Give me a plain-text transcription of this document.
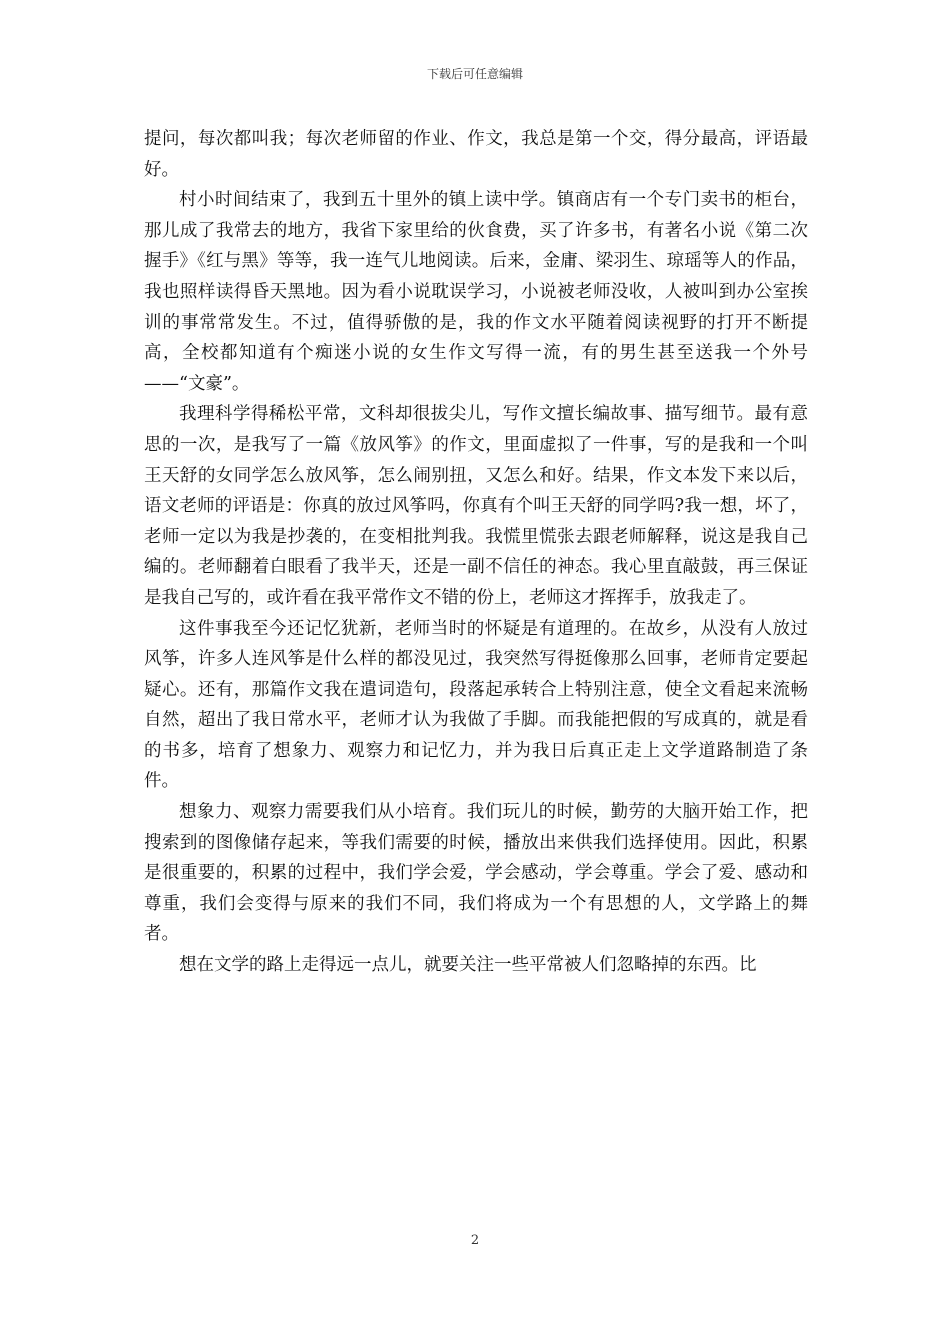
下载后可任意编辑

提问，每次都叫我；每次老师留的作业、作文，我总是第一个交，得分最高，评语最好。

村小时间结束了，我到五十里外的镇上读中学。镇商店有一个专门卖书的柜台，那儿成了我常去的地方，我省下家里给的伙食费，买了许多书，有著名小说《第二次握手》《红与黑》等等，我一连气儿地阅读。后来，金庸、梁羽生、琼瑶等人的作品，我也照样读得昏天黑地。因为看小说耽误学习，小说被老师没收，人被叫到办公室挨训的事常常发生。不过，值得骄傲的是，我的作文水平随着阅读视野的打开不断提高，全校都知道有个痴迷小说的女生作文写得一流，有的男生甚至送我一个外号——“文豪”。

我理科学得稀松平常，文科却很拔尖儿，写作文擅长编故事、描写细节。最有意思的一次，是我写了一篇《放风筝》的作文，里面虚拟了一件事，写的是我和一个叫王天舒的女同学怎么放风筝，怎么闹别扭，又怎么和好。结果，作文本发下来以后，语文老师的评语是：你真的放过风筝吗，你真有个叫王天舒的同学吗?我一想，坏了，老师一定以为我是抄袭的，在变相批判我。我慌里慌张去跟老师解释，说这是我自己编的。老师翻着白眼看了我半天，还是一副不信任的神态。我心里直敲鼓，再三保证是我自己写的，或许看在我平常作文不错的份上，老师这才挥挥手，放我走了。

这件事我至今还记忆犹新，老师当时的怀疑是有道理的。在故乡，从没有人放过风筝，许多人连风筝是什么样的都没见过，我突然写得挺像那么回事，老师肯定要起疑心。还有，那篇作文我在遣词造句，段落起承转合上特别注意，使全文看起来流畅自然，超出了我日常水平，老师才认为我做了手脚。而我能把假的写成真的，就是看的书多，培育了想象力、观察力和记忆力，并为我日后真正走上文学道路制造了条件。

想象力、观察力需要我们从小培育。我们玩儿的时候，勤劳的大脑开始工作，把搜索到的图像储存起来，等我们需要的时候，播放出来供我们选择使用。因此，积累是很重要的，积累的过程中，我们学会爱，学会感动，学会尊重。学会了爱、感动和尊重，我们会变得与原来的我们不同，我们将成为一个有思想的人，文学路上的舞者。

想在文学的路上走得远一点儿，就要关注一些平常被人们忽略掉的东西。比

2
